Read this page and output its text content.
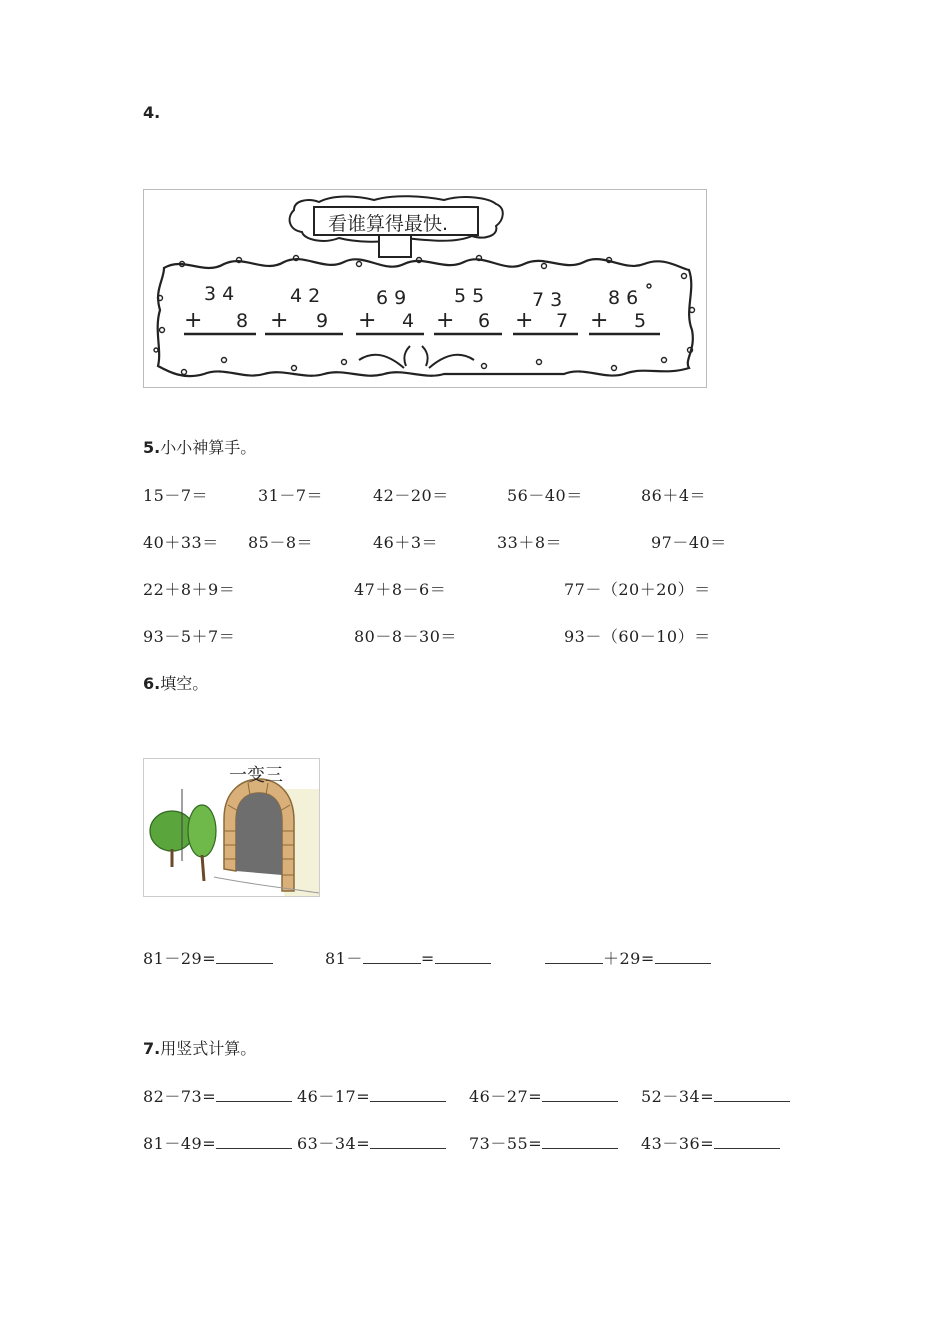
4.
看谁算得最快.
3 4
+ 8
4 2
+ 9
6 9
+ 4
5 5
+ 6
7 3
+ 7
8 6
+ 5
5.小小神算手。
15－7＝	31－7＝	42－20＝	56－40＝	86＋4＝
40＋33＝ 85－8＝	46＋3＝	33＋8＝	97－40＝
22＋8＋9＝	47＋8－6＝	77－（20＋20）＝
93－5＋7＝	80－8－30＝	93－（60－10）＝
6.填空。
一变三
81－29=	81－	=	＋29=
7.用竖式计算。
82－73=	46－17=	46－27=	52－34=
81－49=	63－34=	73－55=	43－36=
